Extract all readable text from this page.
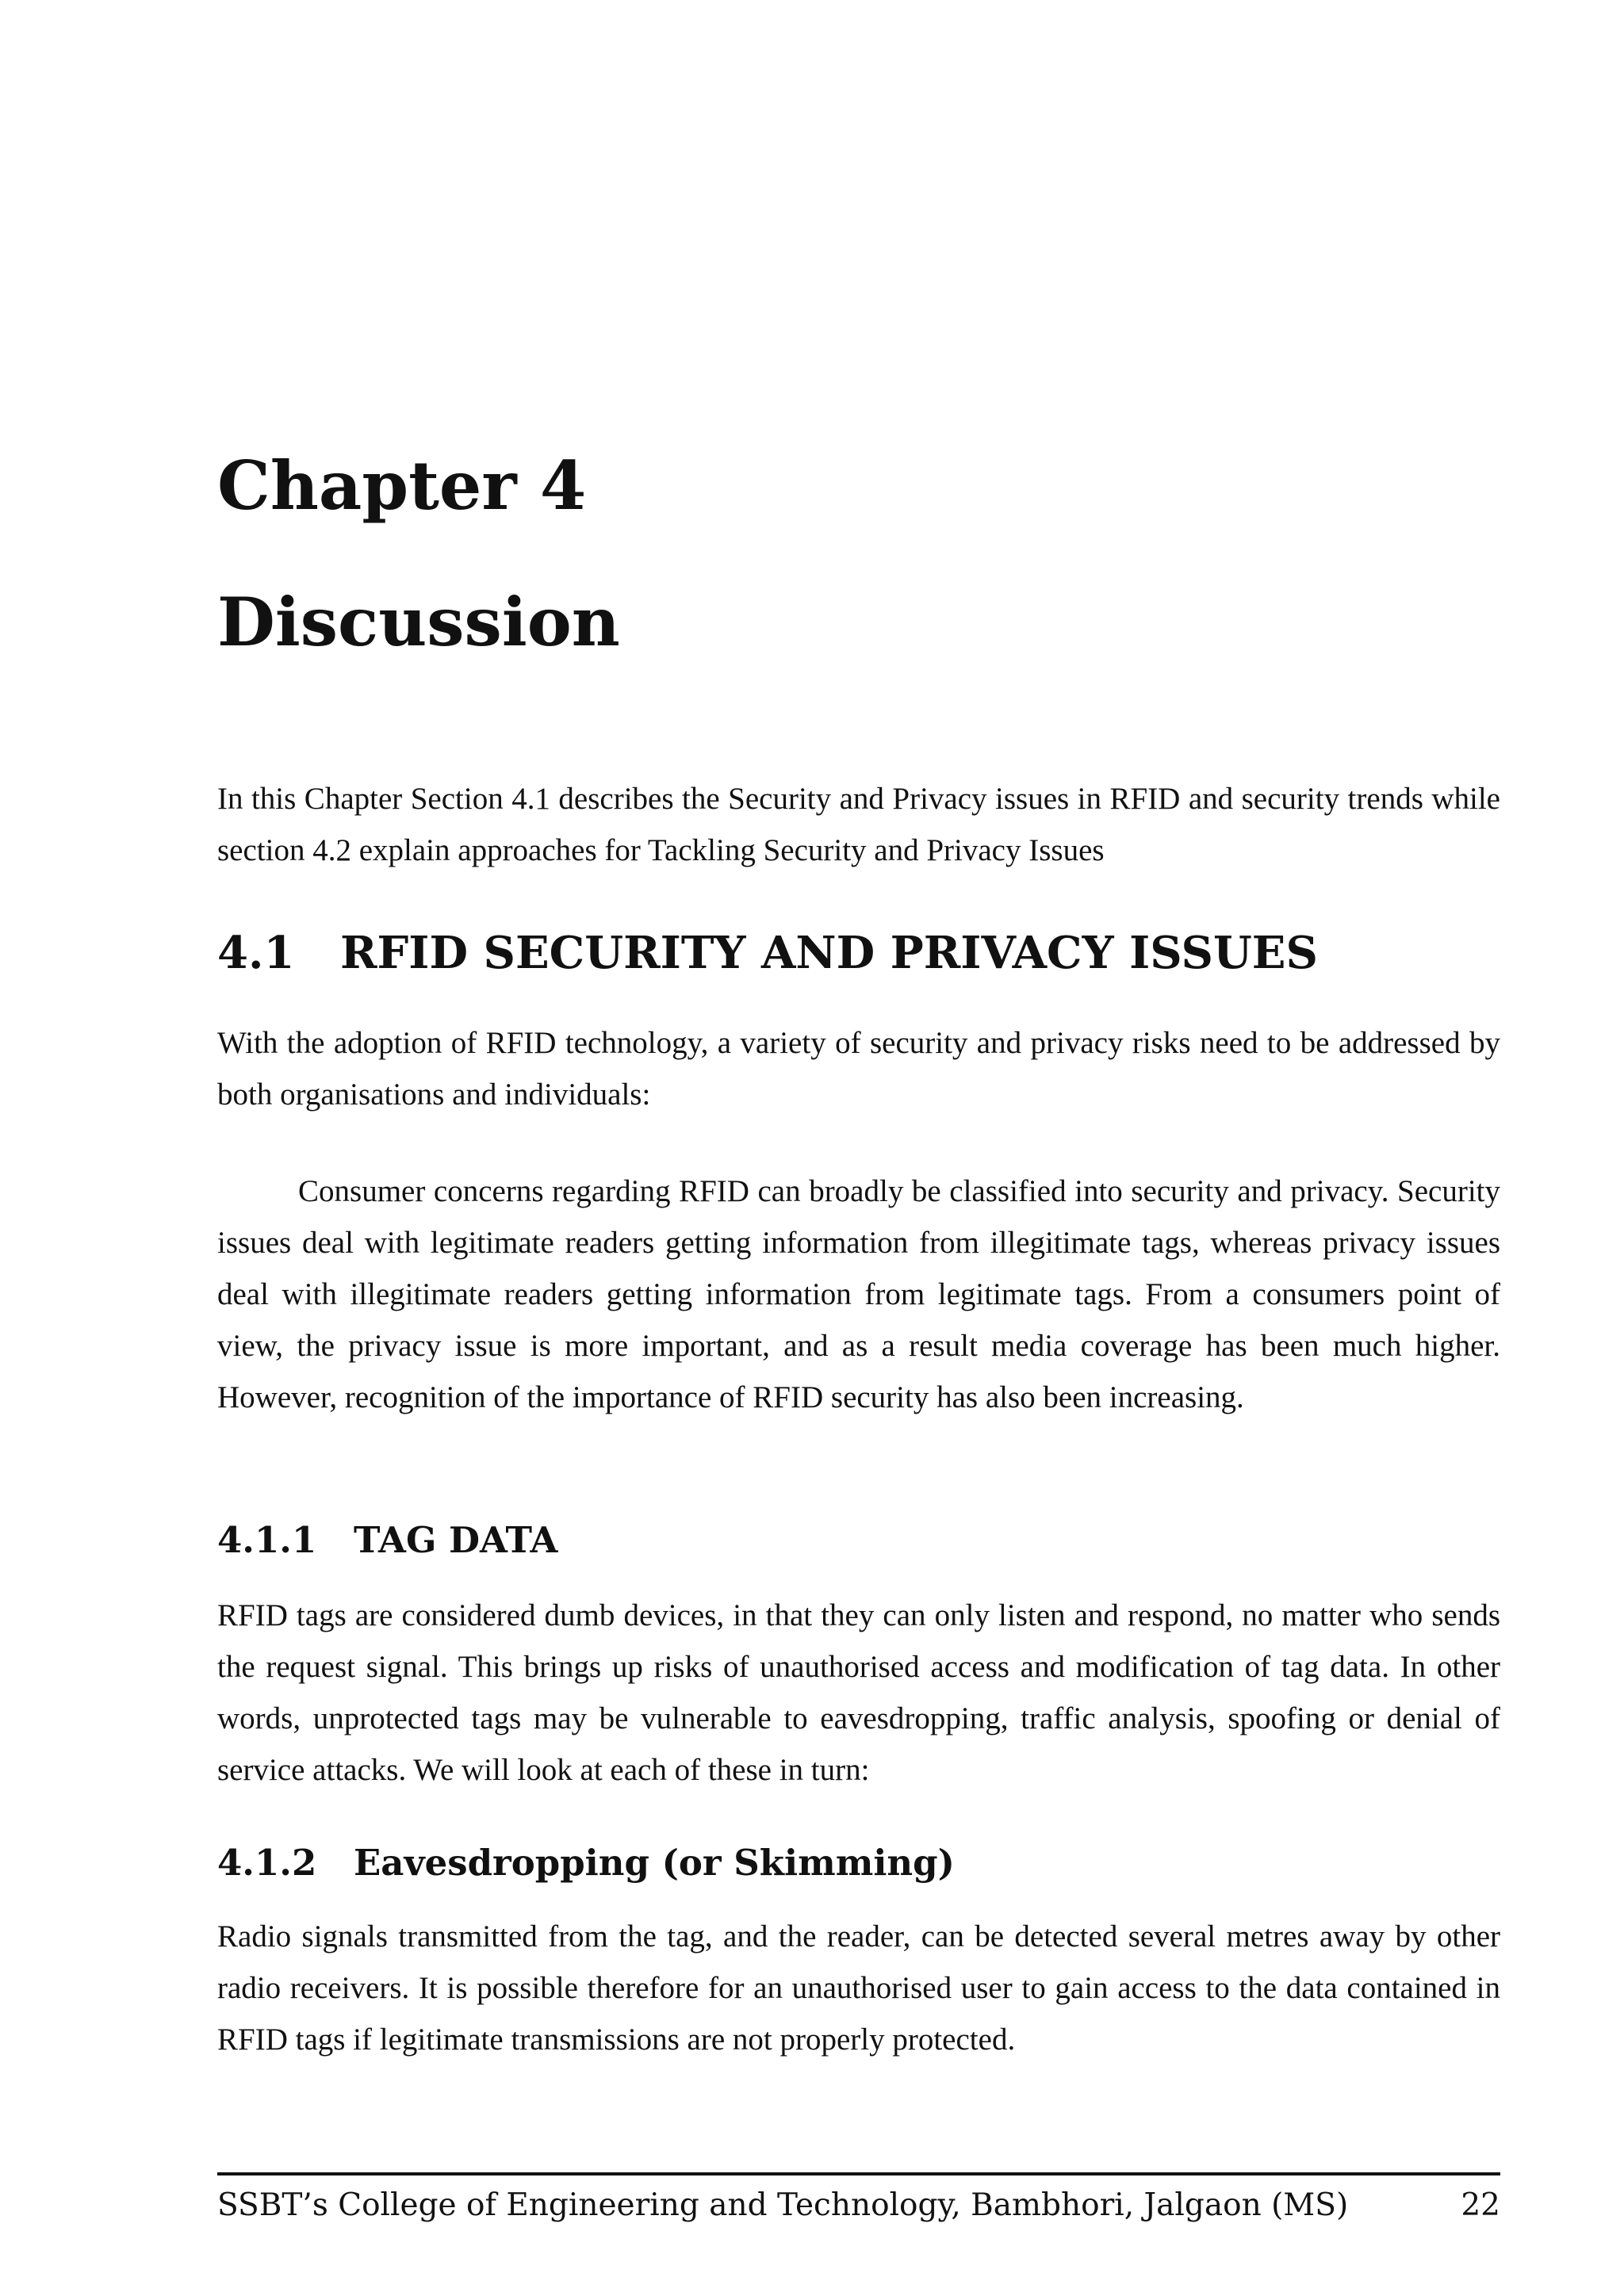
Chapter 4
Discussion

In this Chapter Section 4.1 describes the Security and Privacy issues in RFID and security trends while section 4.2 explain approaches for Tackling Security and Privacy Issues

4.1	RFID SECURITY AND PRIVACY ISSUES

With the adoption of RFID technology, a variety of security and privacy risks need to be addressed by both organisations and individuals:

Consumer concerns regarding RFID can broadly be classified into security and privacy. Security issues deal with legitimate readers getting information from illegitimate tags, whereas privacy issues deal with illegitimate readers getting information from legitimate tags. From a consumers point of view, the privacy issue is more important, and as a result media coverage has been much higher. However, recognition of the importance of RFID security has also been increasing.

4.1.1	TAG DATA

RFID tags are considered dumb devices, in that they can only listen and respond, no matter who sends the request signal. This brings up risks of unauthorised access and modification of tag data. In other words, unprotected tags may be vulnerable to eavesdropping, traffic analysis, spoofing or denial of service attacks. We will look at each of these in turn:

4.1.2	Eavesdropping (or Skimming)

Radio signals transmitted from the tag, and the reader, can be detected several metres away by other radio receivers. It is possible therefore for an unauthorised user to gain access to the data contained in RFID tags if legitimate transmissions are not properly protected.

SSBT’s College of Engineering and Technology, Bambhori, Jalgaon (MS)	22
